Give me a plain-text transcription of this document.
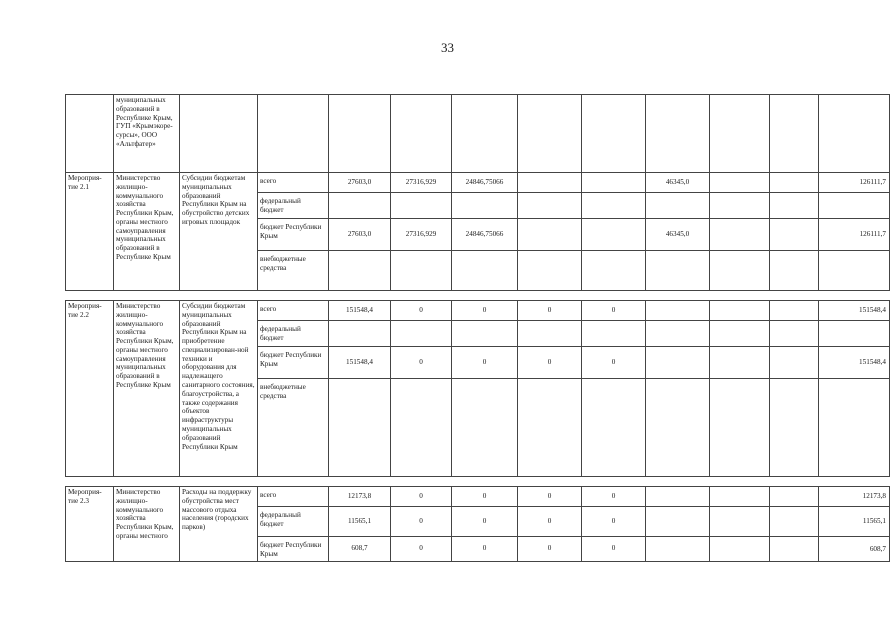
33
	муниципальных образований в Республике Крым, ГУП «Крымэкоре-сурсы», ООО «Альтфатер»											
Мероприя-тие 2.1	Министерство жилищно-коммунального хозяйства Республики Крым, органы местного самоуправления муниципальных образований в Республике Крым	Субсидии бюджетам муниципальных образований Республики Крым на обустройство детских игровых площадок	всего	27603,0	27316,929	24846,75066			46345,0			126111,7
			федеральный бюджет									
			бюджет Республики Крым	27603,0	27316,929	24846,75066			46345,0			126111,7
			внебюджетные средства									

Мероприя-тие 2.2	Министерство жилищно-коммунального хозяйства Республики Крым, органы местного самоуправления муниципальных образований в Республике Крым	Субсидии бюджетам муниципальных образований Республики Крым на приобретение специализирован-ной техники и оборудования для надлежащего санитарного состояния, благоустройства, а также содержания объектов инфраструктуры муниципальных образований Республики Крым	всего	151548,4	0	0	0	0				151548,4
			федеральный бюджет									
			бюджет Республики Крым	151548,4	0	0	0	0				151548,4
			внебюджетные средства									

Мероприя-тие 2.3	Министерство жилищно-коммунального хозяйства Республики Крым, органы местного	Расходы на поддержку обустройства мест массового отдыха населения (городских парков)	всего	12173,8	0	0	0	0				12173,8
			федеральный бюджет	11565,1	0	0	0	0				11565,1
			бюджет Республики Крым	608,7	0	0	0	0				608,7
